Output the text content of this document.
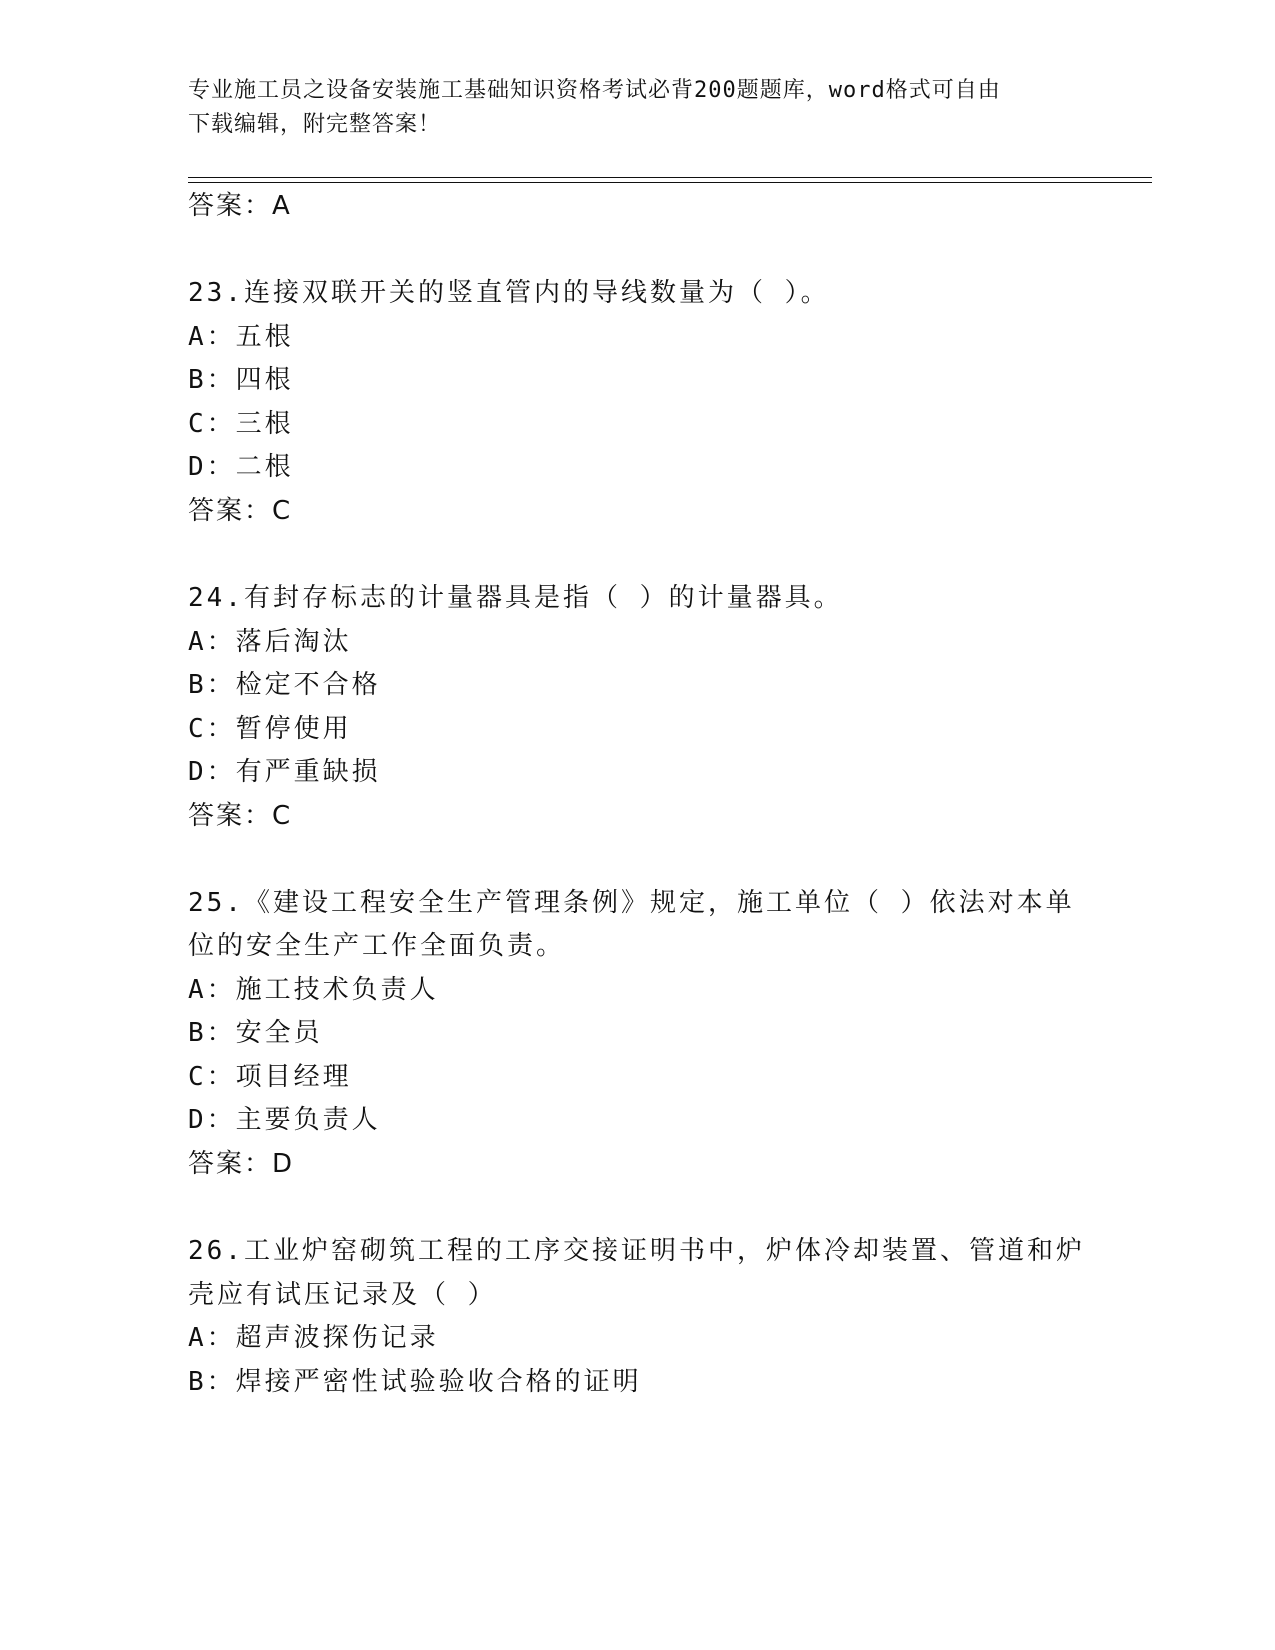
专业施工员之设备安装施工基础知识资格考试必背200题题库，word格式可自由
下载编辑，附完整答案！
答案：A
23.连接双联开关的竖直管内的导线数量为（ ）。
A：五根
B：四根
C：三根
D：二根
答案：C
24.有封存标志的计量器具是指（ ）的计量器具。
A：落后淘汰
B：检定不合格
C：暂停使用
D：有严重缺损
答案：C
25.《建设工程安全生产管理条例》规定，施工单位（ ）依法对本单
位的安全生产工作全面负责。
A：施工技术负责人
B：安全员
C：项目经理
D：主要负责人
答案：D
26.工业炉窑砌筑工程的工序交接证明书中，炉体冷却装置、管道和炉
壳应有试压记录及（ ）
A：超声波探伤记录
B：焊接严密性试验验收合格的证明
